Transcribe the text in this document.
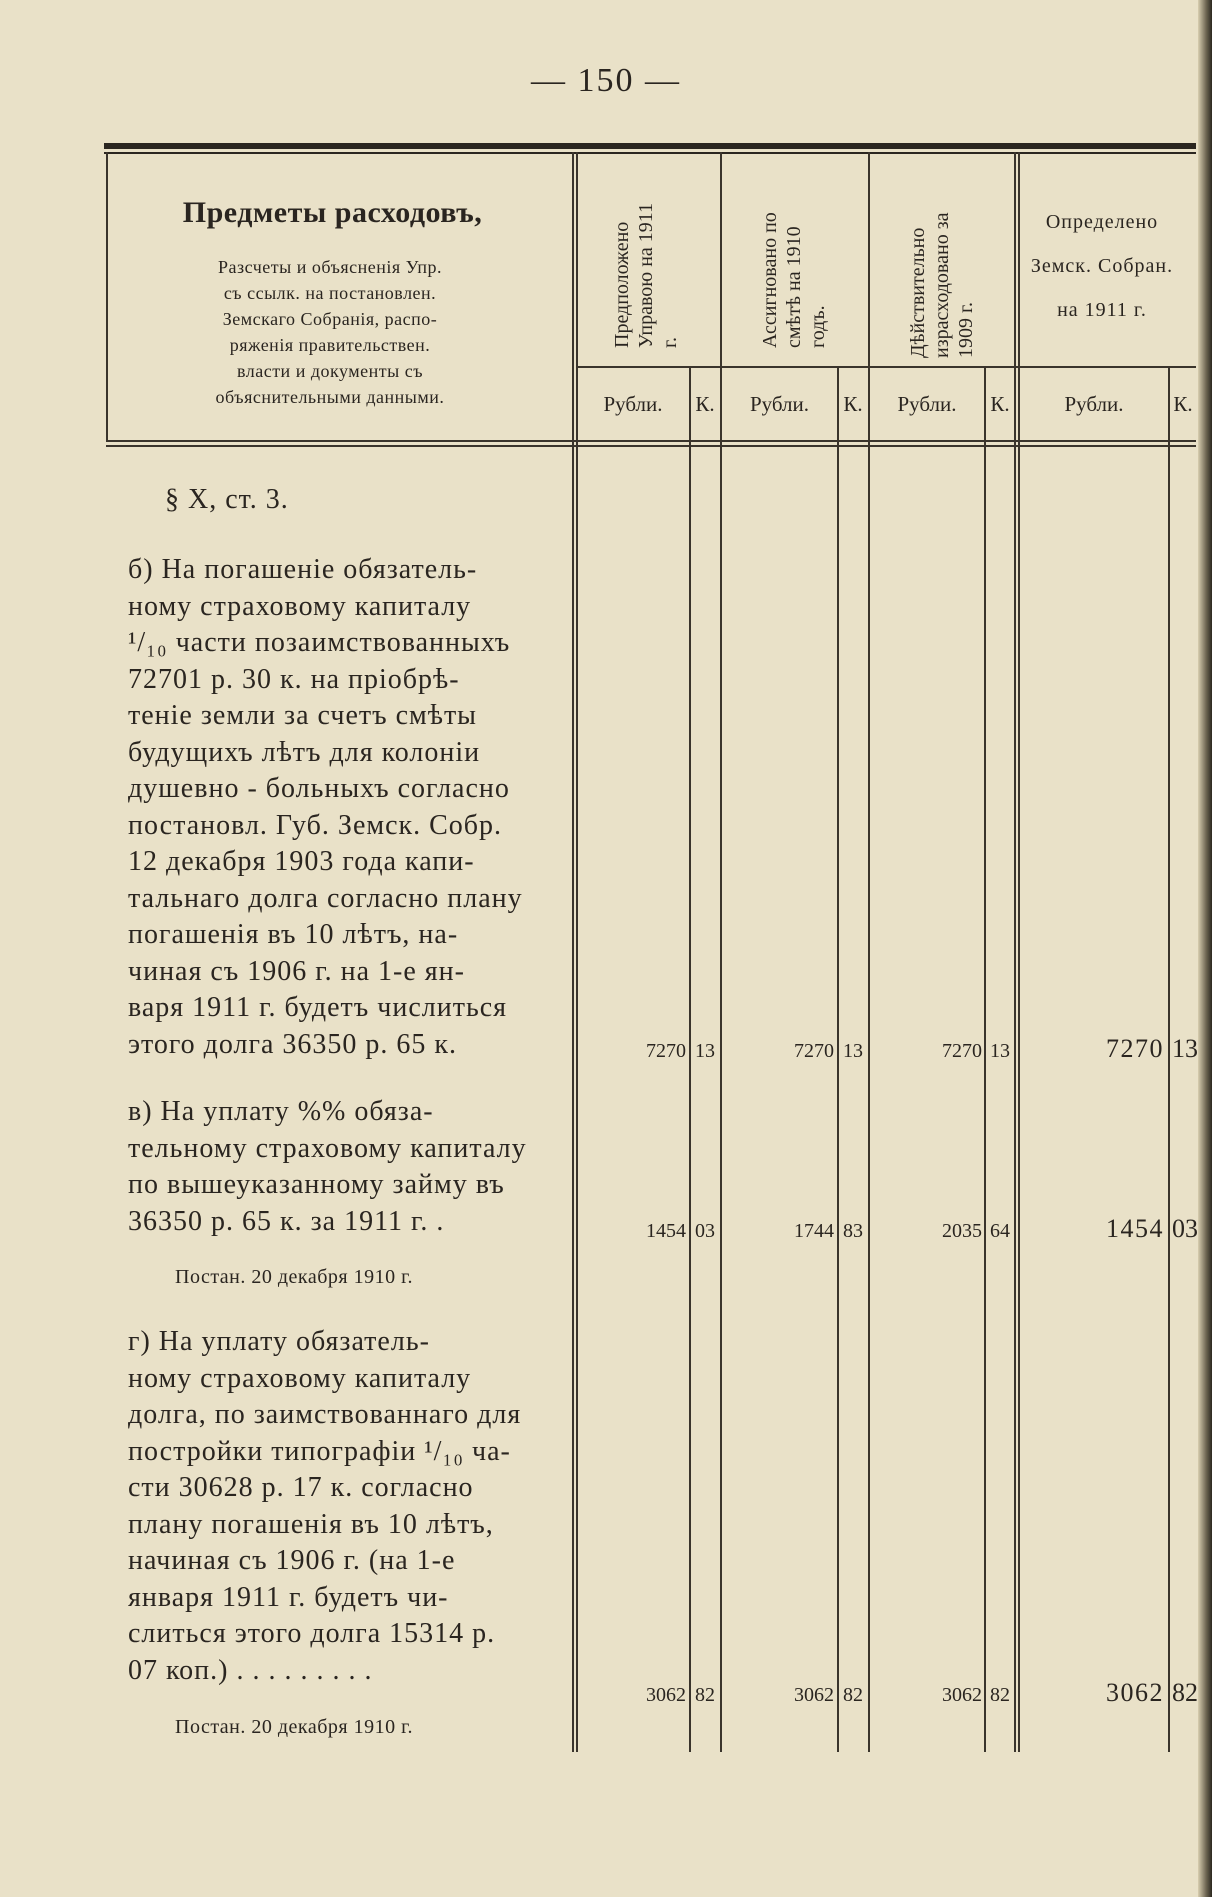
— 150 —
Предметы расходовъ,
Разсчеты и объясненія Упр.
съ ссылк. на постановлен.
Земскаго Собранія, распо-
ряженія правительствен.
власти и документы съ
объяснительными данными.
Предположено Управою на 1911 г.	Ассигновано по смѣтѣ на 1910 годъ.	Дѣйствительно израсходовано за 1909 г.
Определено
Земск. Собран.
на 1911 г.
Рубли.	К.	Рубли.	К.	Рубли.	К.	Рубли.	К.
§ X, ст. 3.
б) На погашеніе обязатель-
ному страховому капиталу
¹/₁₀ части позаимствованныхъ
72701 р. 30 к. на пріобрѣ-
теніе земли за счетъ смѣты
будущихъ лѣтъ для колоніи
душевно - больныхъ согласно
постановл. Губ. Земск. Собр.
12 декабря 1903 года капи-
тальнаго долга согласно плану
погашенія въ 10 лѣтъ, на-
чиная съ 1906 г. на 1-е ян-
варя 1911 г. будетъ числиться
этого долга 36350 р. 65 к.	7270 13	7270 13	7270 13	7270 13
в) На уплату %% обяза-
тельному страховому капиталу
по вышеуказанному займу въ
36350 р. 65 к. за 1911 г. .
Постан. 20 декабря 1910 г.
1454 03	1744 83	2035 64	1454 03
г) На уплату обязатель-
ному страховому капиталу
долга, по заимствованнаго для
постройки типографіи ¹/₁₀ ча-
сти 30628 р. 17 к. согласно
плану погашенія въ 10 лѣтъ,
начиная съ 1906 г. (на 1-е
января 1911 г. будетъ чи-
слиться этого долга 15314 р.
07 коп.) . . . . . . . . .
Постан. 20 декабря 1910 г.
3062 82	3062 82	3062 82	3062 82
